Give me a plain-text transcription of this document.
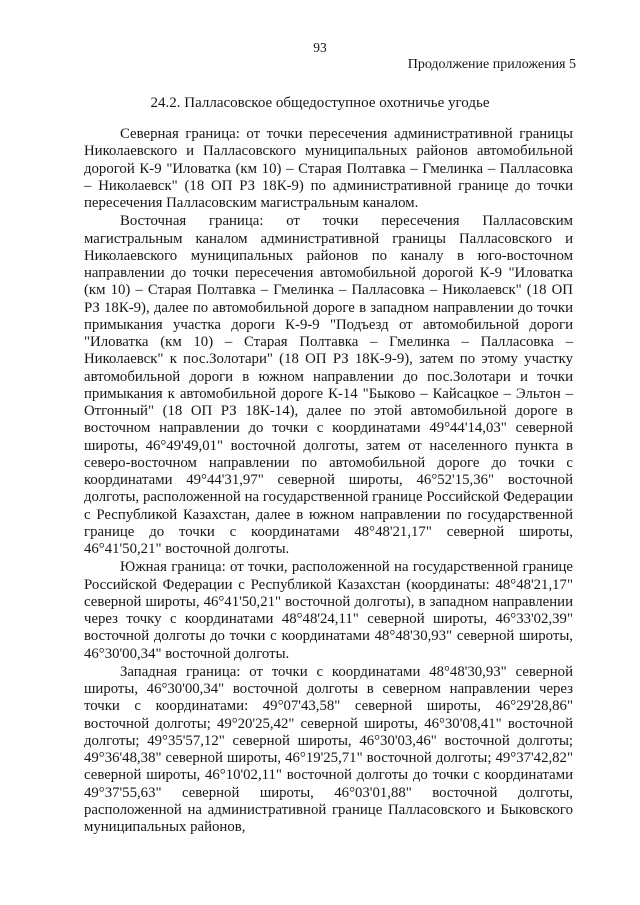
93
Продолжение приложения 5
24.2. Палласовское общедоступное охотничье угодье

Северная граница: от точки пересечения административной границы Николаевского и Палласовского муниципальных районов автомобильной дорогой К-9 "Иловатка (км 10) – Старая Полтавка – Гмелинка – Палласовка – Николаевск" (18 ОП РЗ 18К-9) по административной границе до точки пересечения Палласовским магистральным каналом.

Восточная граница: от точки пересечения Палласовским магистральным каналом административной границы Палласовского и Николаевского муниципальных районов по каналу в юго-восточном направлении до точки пересечения автомобильной дорогой К-9 "Иловатка (км 10) – Старая Полтавка – Гмелинка – Палласовка – Николаевск" (18 ОП РЗ 18К-9), далее по автомобильной дороге в западном направлении до точки примыкания участка дороги К-9-9 "Подъезд от автомобильной дороги "Иловатка (км 10) – Старая Полтавка – Гмелинка – Палласовка – Николаевск" к пос.Золотари" (18 ОП РЗ 18К-9-9), затем по этому участку автомобильной дороги в южном направлении до пос.Золотари и точки примыкания к автомобильной дороге К-14 "Быково – Кайсацкое – Эльтон – Отгонный" (18 ОП РЗ 18К-14), далее по этой автомобильной дороге в восточном направлении до точки с координатами 49°44'14,03" северной широты, 46°49'49,01" восточной долготы, затем от населенного пункта в северо-восточном направлении по автомобильной дороге до точки с координатами 49°44'31,97" северной широты, 46°52'15,36" восточной долготы, расположенной на государственной границе Российской Федерации с Республикой Казахстан, далее в южном направлении по государственной границе до точки с координатами 48°48'21,17" северной широты, 46°41'50,21" восточной долготы.

Южная граница: от точки, расположенной на государственной границе Российской Федерации с Республикой Казахстан (координаты: 48°48'21,17" северной широты, 46°41'50,21" восточной долготы), в западном направлении через точку с координатами 48°48'24,11" северной широты, 46°33'02,39" восточной долготы до точки с координатами 48°48'30,93" северной широты, 46°30'00,34" восточной долготы.

Западная граница: от точки с координатами 48°48'30,93" северной широты, 46°30'00,34" восточной долготы в северном направлении через точки с координатами: 49°07'43,58" северной широты, 46°29'28,86" восточной долготы; 49°20'25,42" северной широты, 46°30'08,41" восточной долготы; 49°35'57,12" северной широты, 46°30'03,46" восточной долготы; 49°36'48,38" северной широты, 46°19'25,71" восточной долготы; 49°37'42,82" северной широты, 46°10'02,11" восточной долготы до точки с координатами 49°37'55,63" северной широты, 46°03'01,88" восточной долготы, расположенной на административной границе Палласовского и Быковского муниципальных районов,
